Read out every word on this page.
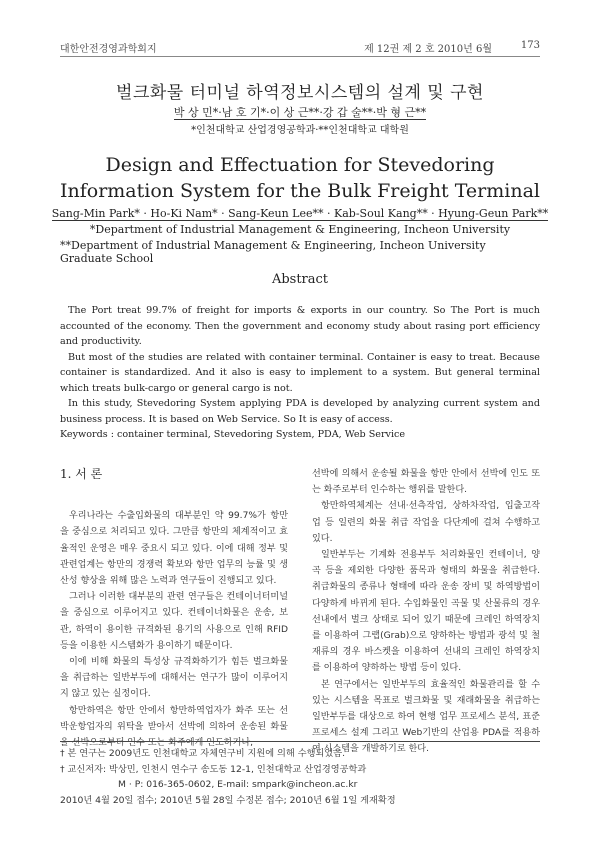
대한안전경영과학회지	제 12권 제 2 호 2010년 6월	173
벌크화물 터미널 하역정보시스템의 설계 및 구현
박 상 민*·남 호 기*·이 상 근**·강 갑 술**·박 형 근**
*인천대학교 산업경영공학과·**인천대학교 대학원
Design and Effectuation for Stevedoring
Information System for the Bulk Freight Terminal
Sang-Min Park* · Ho-Ki Nam* · Sang-Keun Lee** · Kab-Soul Kang** · Hyung-Geun Park**
*Department of Industrial Management & Engineering, Incheon University
**Department of Industrial Management & Engineering, Incheon University Graduate School
Abstract

The Port treat 99.7% of freight for imports & exports in our country. So The Port is much accounted of the economy. Then the government and economy study about rasing port efficiency and productivity.

But most of the studies are related with container terminal. Container is easy to treat. Because container is standardized. And it also is easy to implement to a system. But general terminal which treats bulk-cargo or general cargo is not.

In this study, Stevedoring System applying PDA is developed by analyzing current system and business process. It is based on Web Service. So It is easy of access.

Keywords : container terminal, Stevedoring System, PDA, Web Service

1. 서 론

우리나라는 수출입화물의 대부분인 약 99.7%가 항만을 중심으로 처리되고 있다. 그만큼 항만의 체계적이고 효율적인 운영은 매우 중요시 되고 있다. 이에 대해 정부 및 관련업계는 항만의 경쟁력 확보와 항만 업무의 능률 및 생산성 향상을 위해 많은 노력과 연구들이 진행되고 있다.

그러나 이러한 대부분의 관련 연구들은 컨테이너터미널을 중심으로 이루어지고 있다. 컨테이너화물은 운송, 보관, 하역이 용이한 규격화된 용기의 사용으로 인해 RFID 등을 이용한 시스템화가 용이하기 때문이다.

이에 비해 화물의 특성상 규격화하기가 힘든 벌크화물을 취급하는 일반부두에 대해서는 연구가 많이 이루어지지 않고 있는 실정이다.

항만하역은 항만 안에서 항만하역업자가 화주 또는 선박운항업자의 위탁을 받아서 선박에 의하여 운송된 화물을 선박으로부터 인수 또는 화주에게 인도하거나,

선박에 의해서 운송될 화물을 항만 안에서 선박에 인도 또는 화주로부터 인수하는 행위를 말한다.

항만하역체계는 선내·선측작업, 상하차작업, 입출고작업 등 일련의 화물 취급 작업을 다단계에 걸쳐 수행하고 있다.

일반부두는 기계화 전용부두 처리화물인 컨테이너, 양곡 등을 제외한 다양한 품목과 형태의 화물을 취급한다. 취급화물의 종류나 형태에 따라 운송 장비 및 하역방법이 다양하게 바뀌게 된다. 수입화물인 곡물 및 산물류의 경우 선내에서 벌크 상태로 되어 있기 때문에 크레인 하역장치를 이용하여 그랩(Grab)으로 양하하는 방법과 광석 및 철재류의 경우 바스켓을 이용하여 선내의 크레인 하역장치를 이용하여 양하하는 방법 등이 있다.

본 연구에서는 일반부두의 효율적인 화물관리를 할 수 있는 시스템을 목표로 벌크화물 및 재래화물을 취급하는 일반부두를 대상으로 하여 현행 업무 프로세스 분석, 표준프로세스 설계 그리고 Web기반의 산업용 PDA를 적용하여 시스템을 개발하기로 한다.

† 본 연구는 2009년도 인천대학교 자체연구비 지원에 의해 수행되었음.

† 교신저자: 박상민, 인천시 연수구 송도동 12-1, 인천대학교 산업경영공학과

M · P: 016-365-0602, E-mail: smpark@incheon.ac.kr

2010년 4월 20일 접수; 2010년 5월 28일 수정본 접수; 2010년 6월 1일 게재확정
